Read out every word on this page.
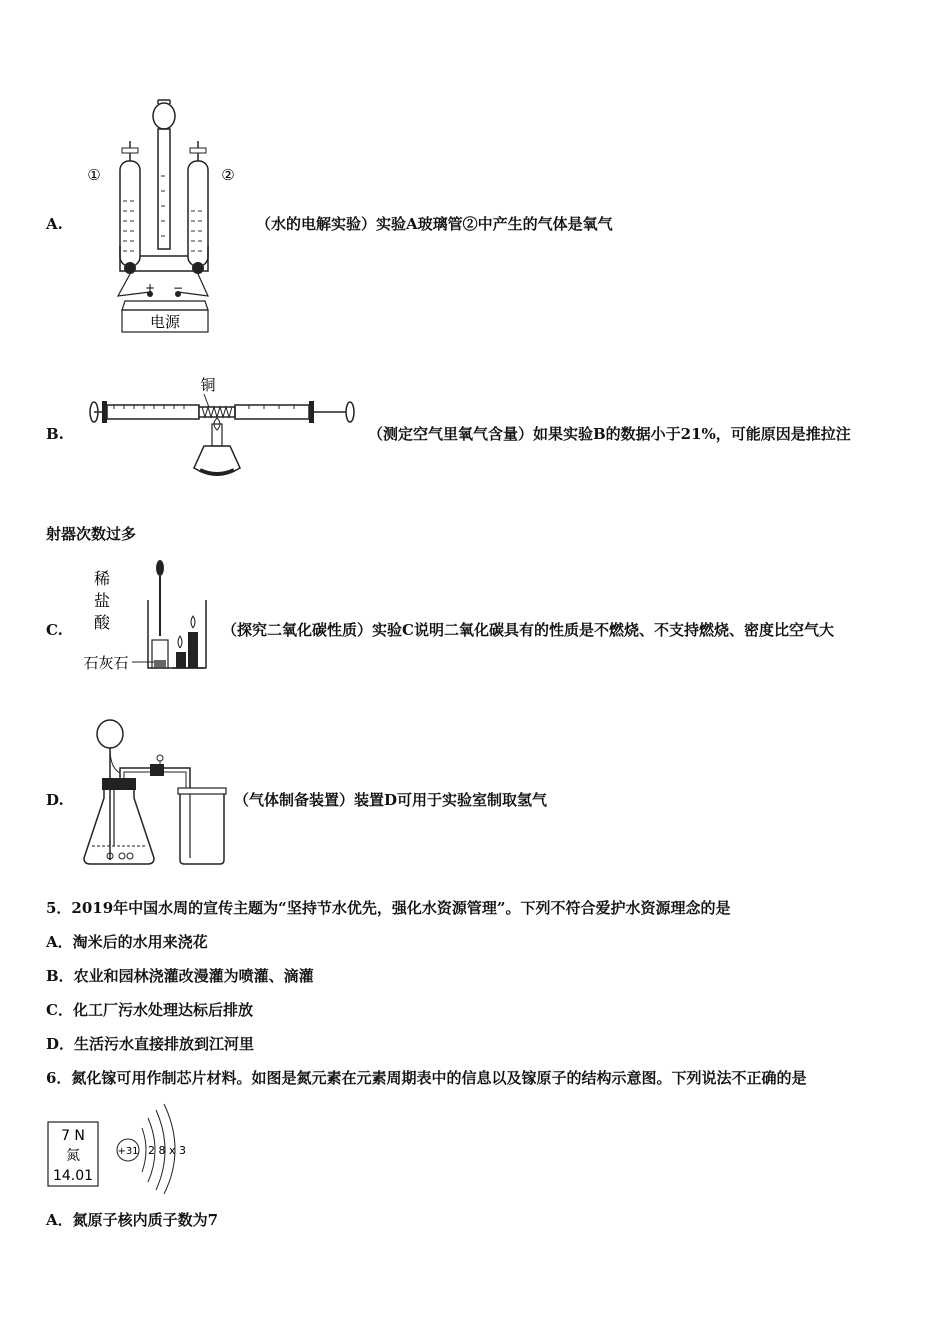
A.
+ −
电源
①	②
（水的电解实验）实验A玻璃管②中产生的气体是氧气
B.
铜
（测定空气里氧气含量）如果实验B的数据小于21%，可能原因是推拉注
射器次数过多
C.
稀
盐
酸
石灰石
（探究二氧化碳性质）实验C说明二氧化碳具有的性质是不燃烧、不支持燃烧、密度比空气大
D.	（气体制备装置）装置D可用于实验室制取氢气
5．2019年中国水周的宣传主题为“坚持节水优先，强化水资源管理”。下列不符合爱护水资源理念的是
A．淘米后的水用来浇花
B．农业和园林浇灌改漫灌为喷灌、滴灌
C．化工厂污水处理达标后排放
D．生活污水直接排放到江河里
6．氮化镓可用作制芯片材料。如图是氮元素在元素周期表中的信息以及镓原子的结构示意图。下列说法不正确的是
7 N
氮
14.01
+31 2 8 x 3
A．氮原子核内质子数为7
